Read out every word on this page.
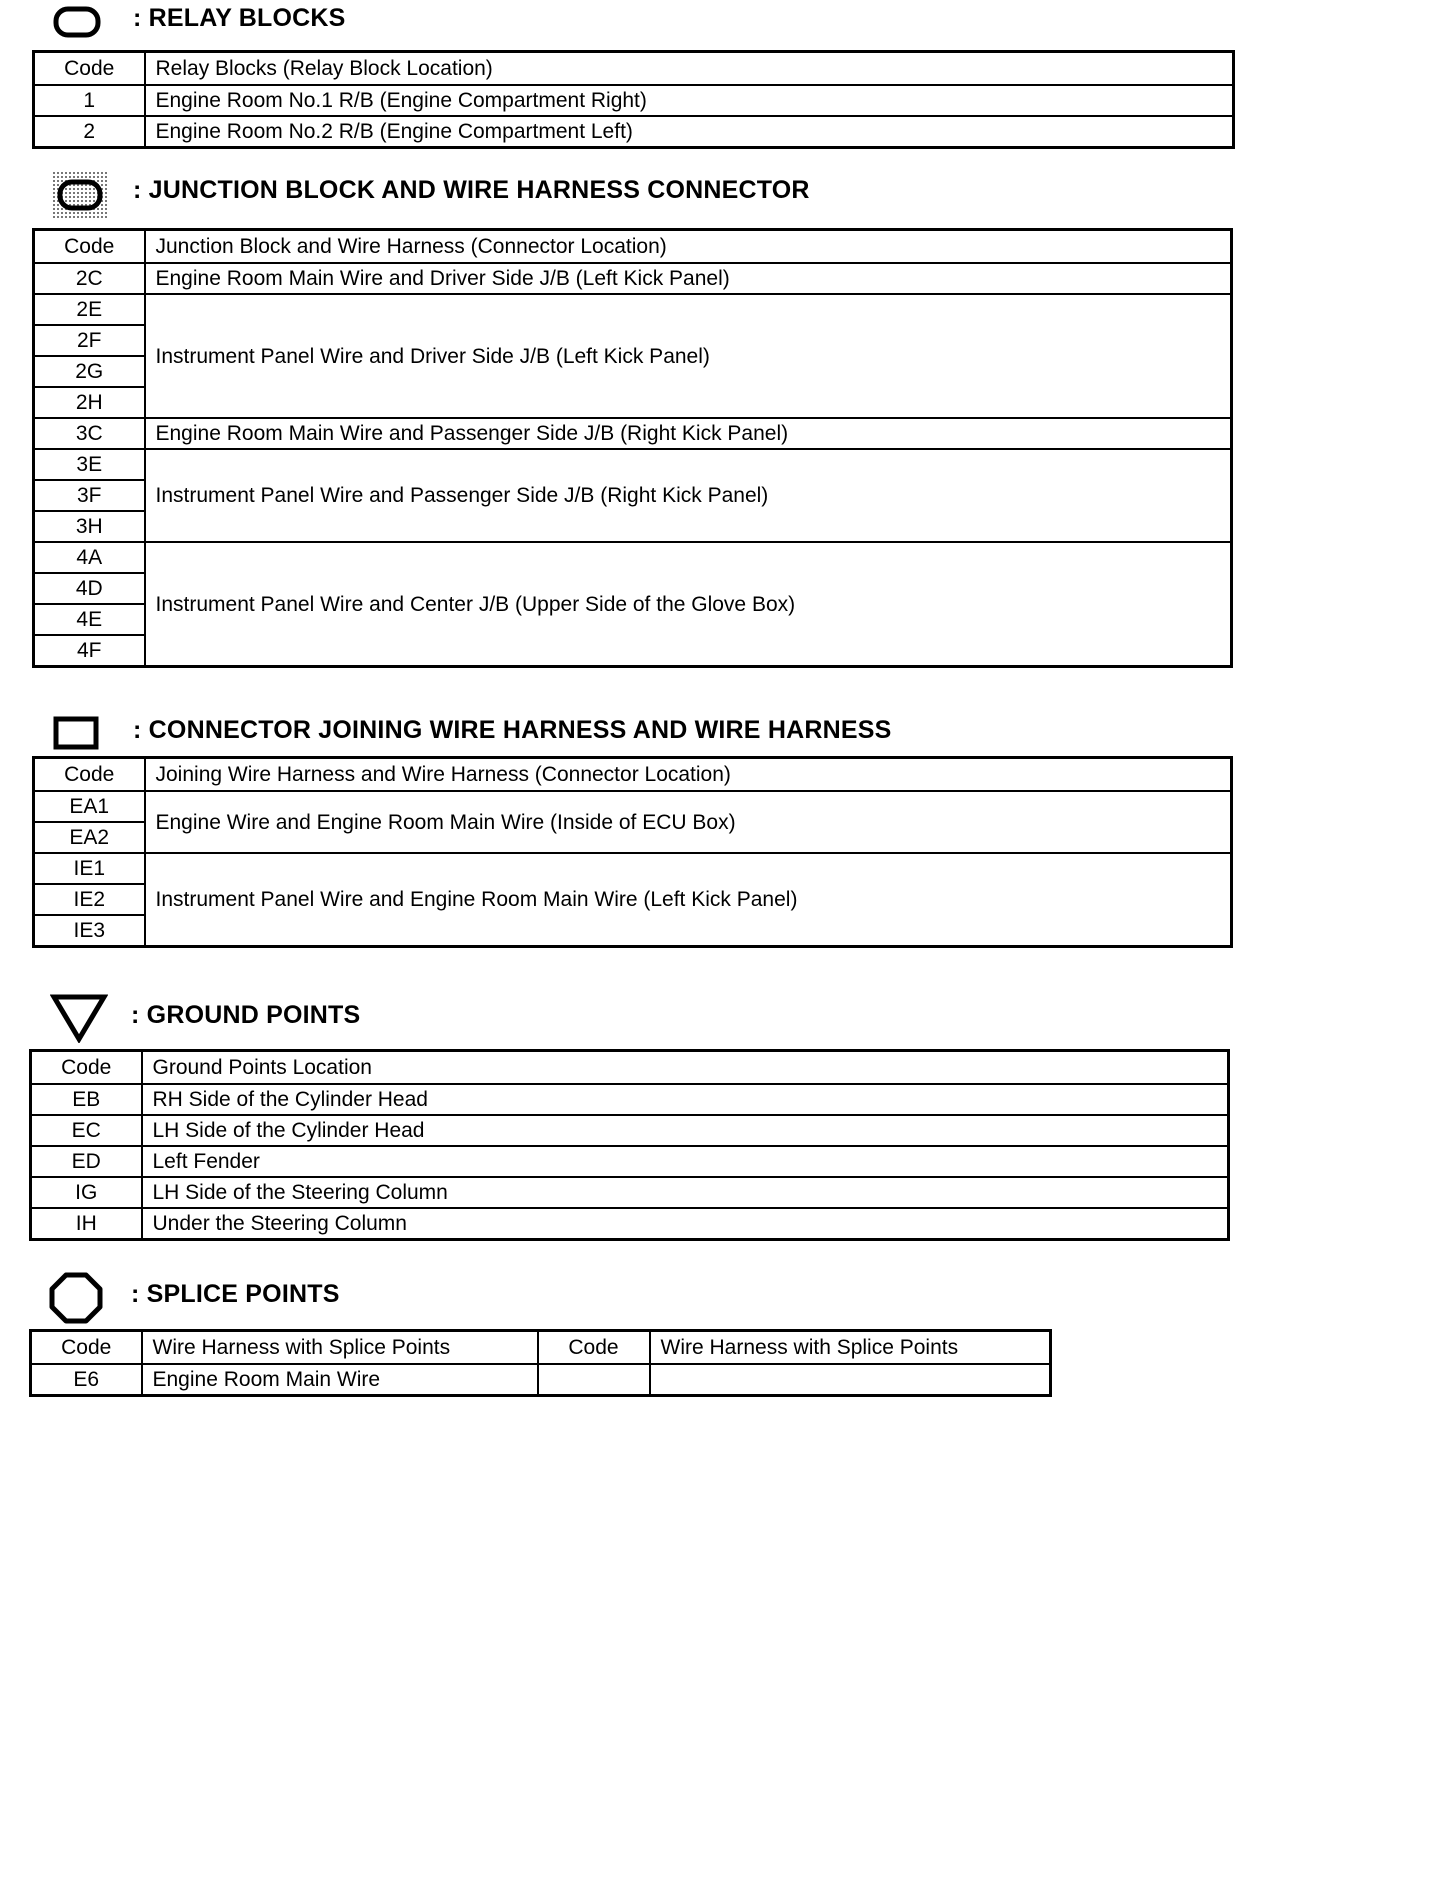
: RELAY BLOCKS
Code	Relay Blocks (Relay Block Location)
1	Engine Room No.1 R/B (Engine Compartment Right)
2	Engine Room No.2 R/B (Engine Compartment Left)
: JUNCTION BLOCK AND WIRE HARNESS CONNECTOR
Code	Junction Block and Wire Harness (Connector Location)
2C	Engine Room Main Wire and Driver Side J/B (Left Kick Panel)
2E	Instrument Panel Wire and Driver Side J/B (Left Kick Panel)
2F	
2G	
2H	
3C	Engine Room Main Wire and Passenger Side J/B (Right Kick Panel)
3E	Instrument Panel Wire and Passenger Side J/B (Right Kick Panel)
3F	
3H	
4A	Instrument Panel Wire and Center J/B (Upper Side of the Glove Box)
4D	
4E	
4F	
: CONNECTOR JOINING WIRE HARNESS AND WIRE HARNESS
Code	Joining Wire Harness and Wire Harness (Connector Location)
EA1	Engine Wire and Engine Room Main Wire (Inside of ECU Box)
EA2	
IE1	Instrument Panel Wire and Engine Room Main Wire (Left Kick Panel)
IE2	
IE3	
: GROUND POINTS
Code	Ground Points Location
EB	RH Side of the Cylinder Head
EC	LH Side of the Cylinder Head
ED	Left Fender
IG	LH Side of the Steering Column
IH	Under the Steering Column
: SPLICE POINTS
Code	Wire Harness with Splice Points	Code	Wire Harness with Splice Points
E6	Engine Room Main Wire		
